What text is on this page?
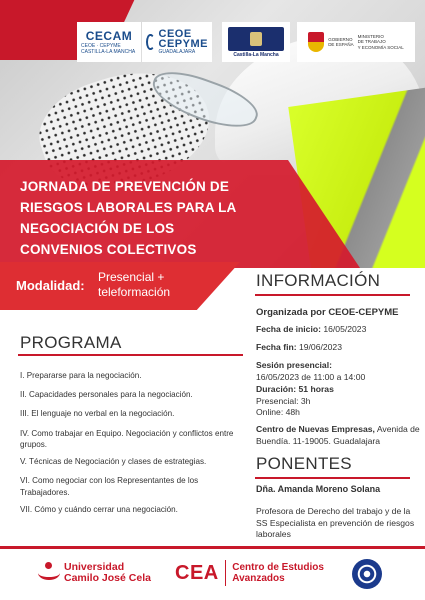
CECAM
CEOE · CEPYME CASTILLA-LA MANCHA
CEOE
CEPYME
GUADALAJARA	Castilla-La Mancha
GOBIERNO
DE ESPAÑA
MINISTERIO
DE TRABAJO
Y ECONOMÍA SOCIAL
JORNADA DE PREVENCIÓN DE
RIESGOS LABORALES PARA LA
NEGOCIACIÓN DE LOS
CONVENIOS COLECTIVOS
Modalidad:
Presencial +
teleformación
INFORMACIÓN
Organizada por CEOE-CEPYME
Fecha de inicio: 16/05/2023
Fecha fin: 19/06/2023
Sesión presencial:
16/05/2023 de 11:00 a 14:00
Duración: 51 horas
Presencial: 3h
Online: 48h
Centro de Nuevas Empresas, Avenida de Buendía. 11-19005. Guadalajara
PONENTES
Dña. Amanda Moreno Solana
Profesora de Derecho del trabajo y de la SS Especialista en prevención de riesgos laborales
PROGRAMA
I. Prepararse para la negociación.
II. Capacidades personales para la negociación.
III. El lenguaje no verbal en la negociación.
IV. Como trabajar en Equipo. Negociación y conflictos entre grupos.
V. Técnicas de Negociación y clases de estrategias.
VI. Como negociar con los Representantes de los Trabajadores.
VII. Cómo y cuándo cerrar una negociación.
Universidad
Camilo José Cela CEA Centro de Estudios
Avanzados
